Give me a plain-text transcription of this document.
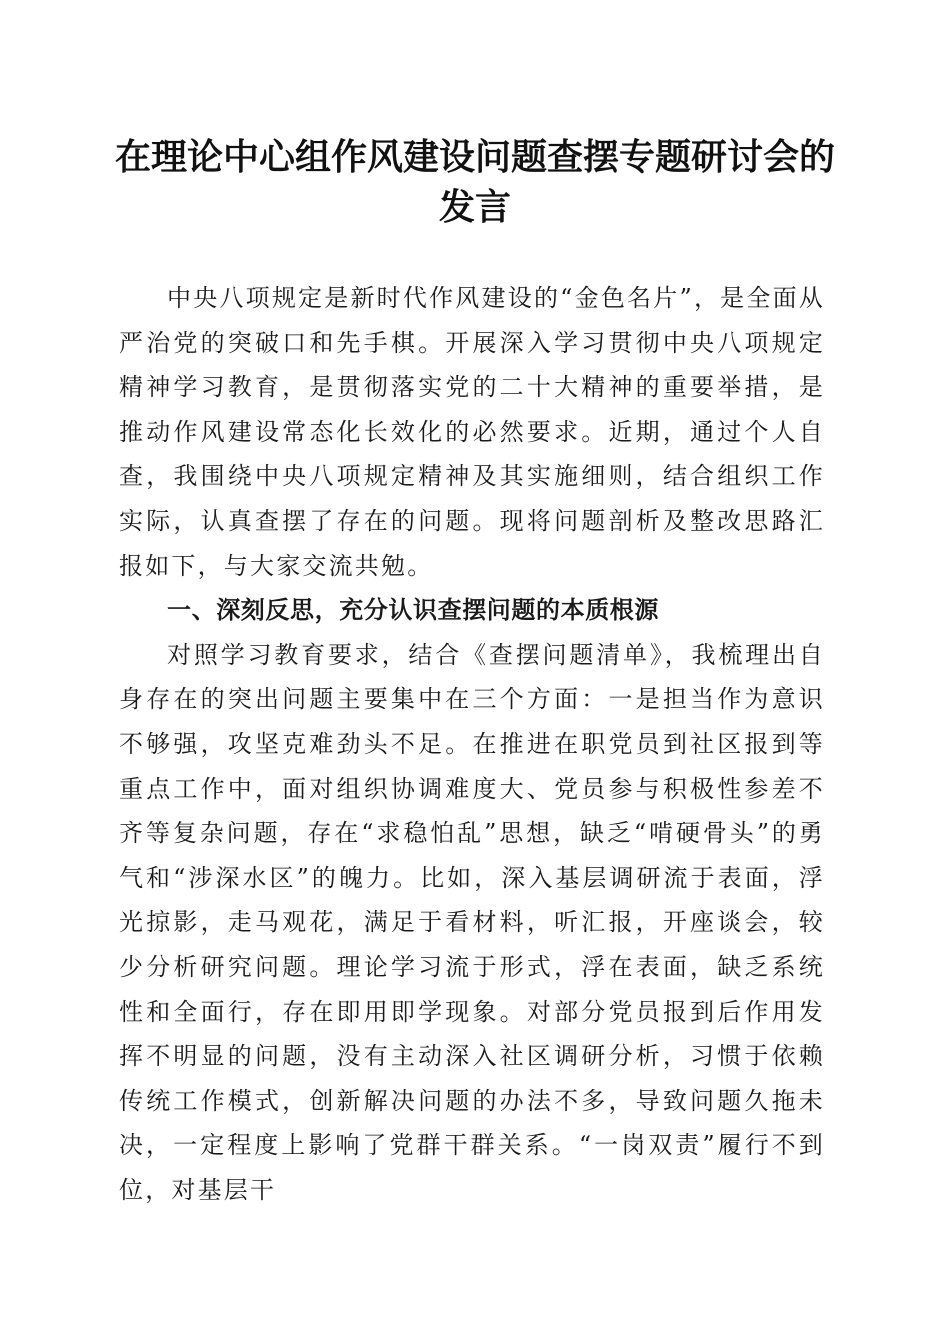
在理论中心组作风建设问题查摆专题研讨会的发言

中央八项规定是新时代作风建设的“金色名片”，是全面从严治党的突破口和先手棋。开展深入学习贯彻中央八项规定精神学习教育，是贯彻落实党的二十大精神的重要举措，是推动作风建设常态化长效化的必然要求。近期，通过个人自查，我围绕中央八项规定精神及其实施细则，结合组织工作实际，认真查摆了存在的问题。现将问题剖析及整改思路汇报如下，与大家交流共勉。

一、深刻反思，充分认识查摆问题的本质根源

对照学习教育要求，结合《查摆问题清单》，我梳理出自身存在的突出问题主要集中在三个方面：一是担当作为意识不够强，攻坚克难劲头不足。在推进在职党员到社区报到等重点工作中，面对组织协调难度大、党员参与积极性参差不齐等复杂问题，存在“求稳怕乱”思想，缺乏“啃硬骨头”的勇气和“涉深水区”的魄力。比如，深入基层调研流于表面，浮光掠影，走马观花，满足于看材料，听汇报，开座谈会，较少分析研究问题。理论学习流于形式，浮在表面，缺乏系统性和全面行，存在即用即学现象。对部分党员报到后作用发挥不明显的问题，没有主动深入社区调研分析，习惯于依赖传统工作模式，创新解决问题的办法不多，导致问题久拖未决，一定程度上影响了党群干群关系。“一岗双责”履行不到位，对基层干
